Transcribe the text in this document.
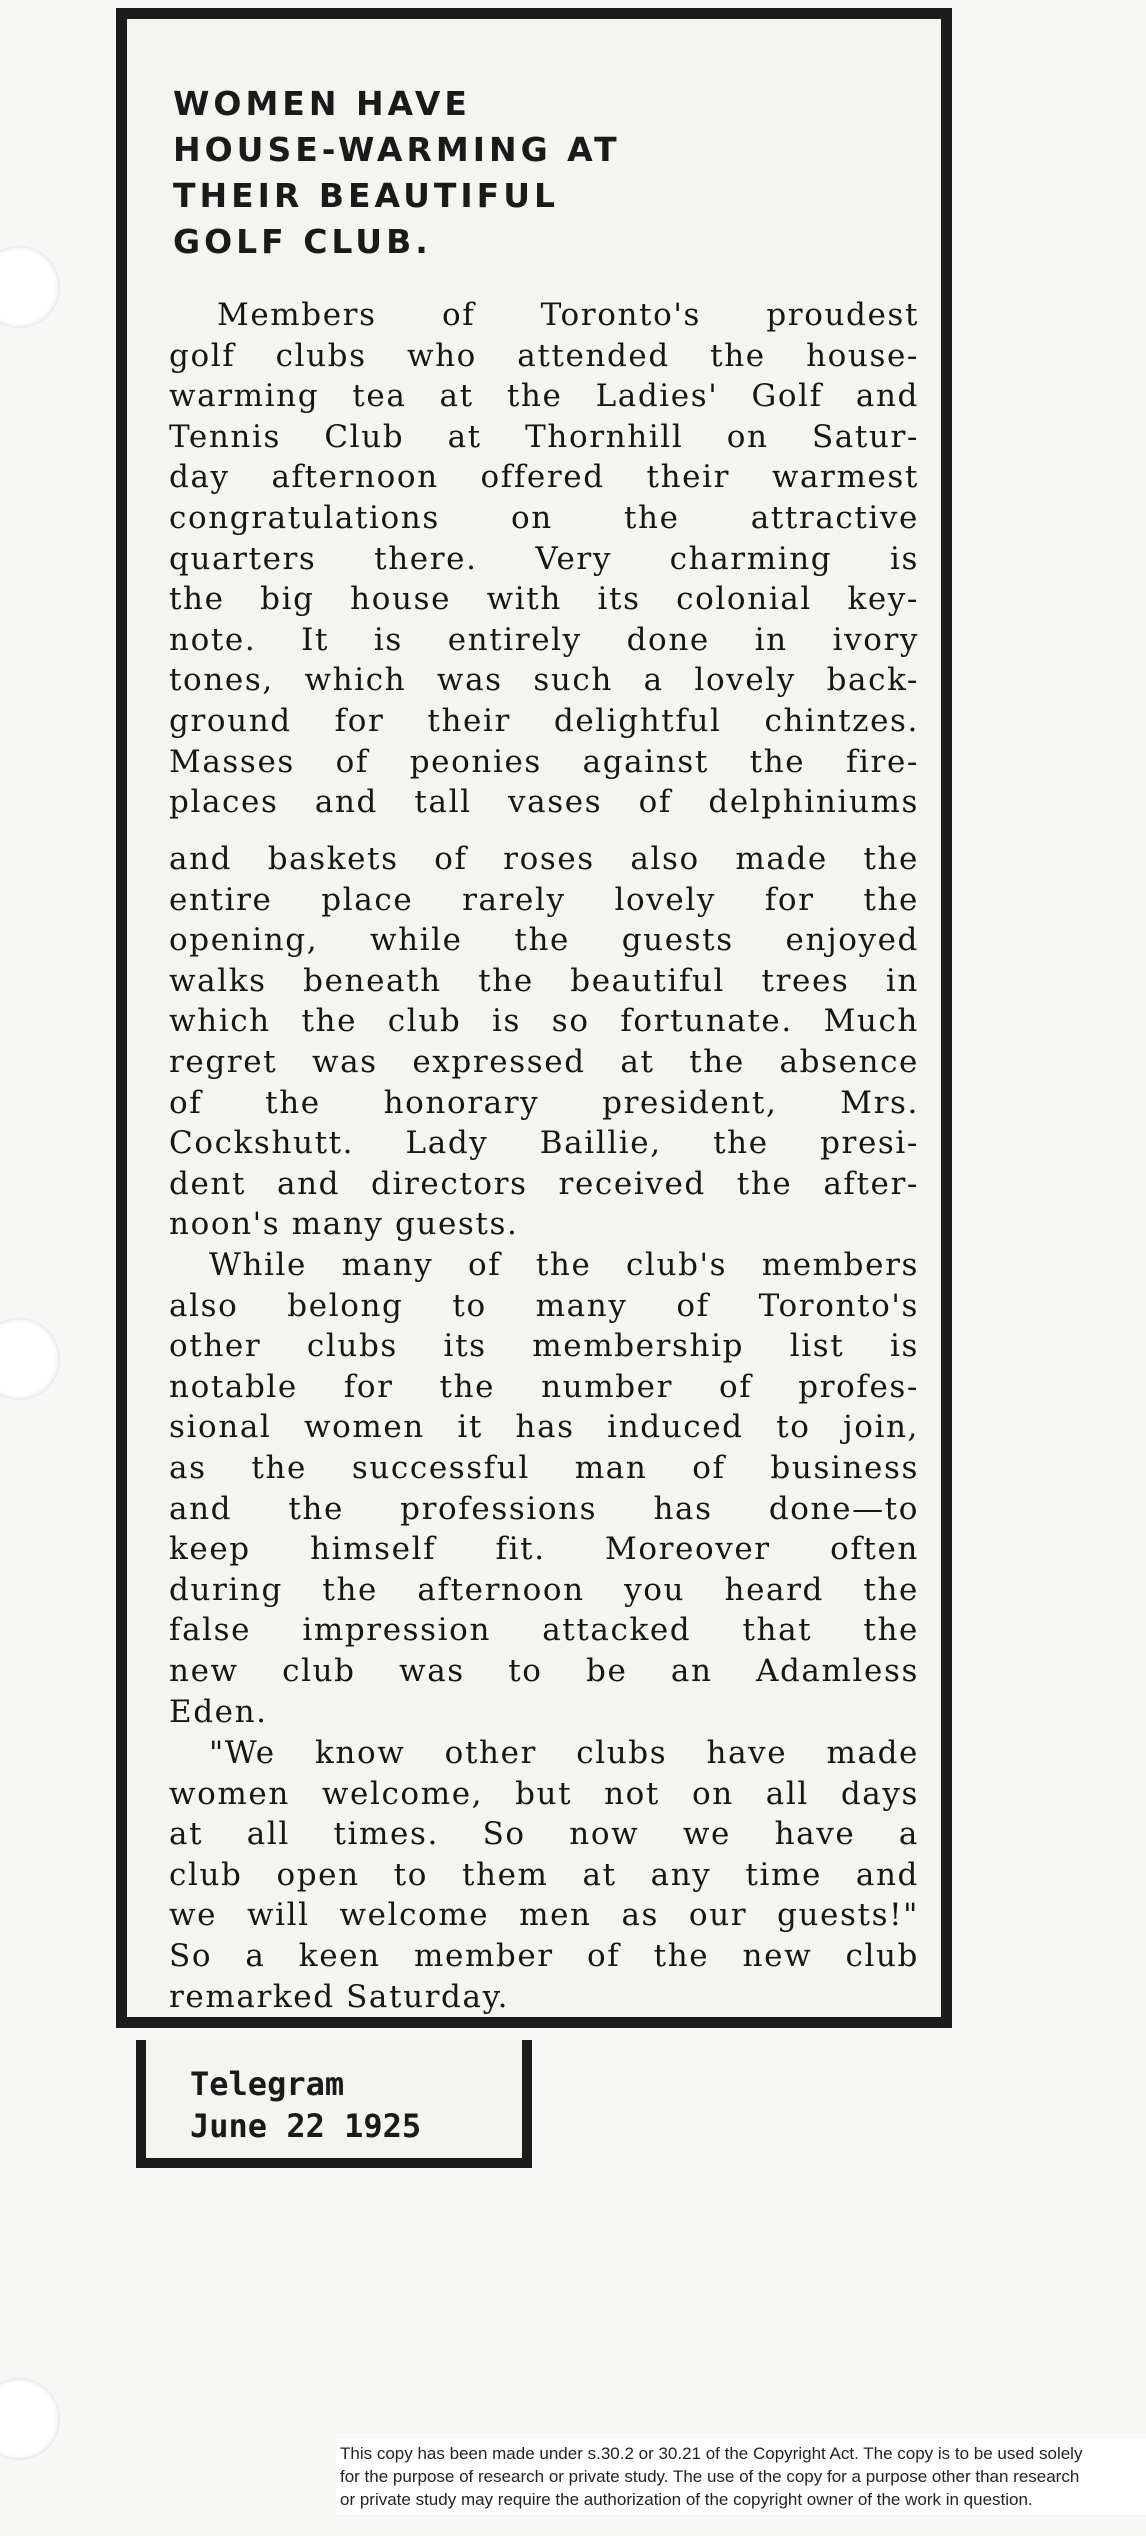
WOMEN HAVE
HOUSE-WARMING AT
THEIR BEAUTIFUL
GOLF CLUB.

Members of Toronto's proudest
golf clubs who attended the house-
warming tea at the Ladies' Golf and
Tennis Club at Thornhill on Satur-
day afternoon offered their warmest
congratulations on the attractive
quarters there. Very charming is
the big house with its colonial key-
note. It is entirely done in ivory
tones, which was such a lovely back-
ground for their delightful chintzes.
Masses of peonies against the fire-
places and tall vases of delphiniums

and baskets of roses also made the
entire place rarely lovely for the
opening, while the guests enjoyed
walks beneath the beautiful trees in
which the club is so fortunate. Much
regret was expressed at the absence
of the honorary president, Mrs.
Cockshutt. Lady Baillie, the presi-
dent and directors received the after-
noon's many guests.

While many of the club's members
also belong to many of Toronto's
other clubs its membership list is
notable for the number of profes-
sional women it has induced to join,
as the successful man of business
and the professions has done—to
keep himself fit. Moreover often
during the afternoon you heard the
false impression attacked that the
new club was to be an Adamless
Eden.

"We know other clubs have made
women welcome, but not on all days
at all times. So now we have a
club open to them at any time and
we will welcome men as our guests!"
So a keen member of the new club
remarked Saturday.

Telegram
June 22 1925
This copy has been made under s.30.2 or 30.21 of the Copyright Act. The copy is to be used solely
for the purpose of research or private study. The use of the copy for a purpose other than research
or private study may require the authorization of the copyright owner of the work in question.
